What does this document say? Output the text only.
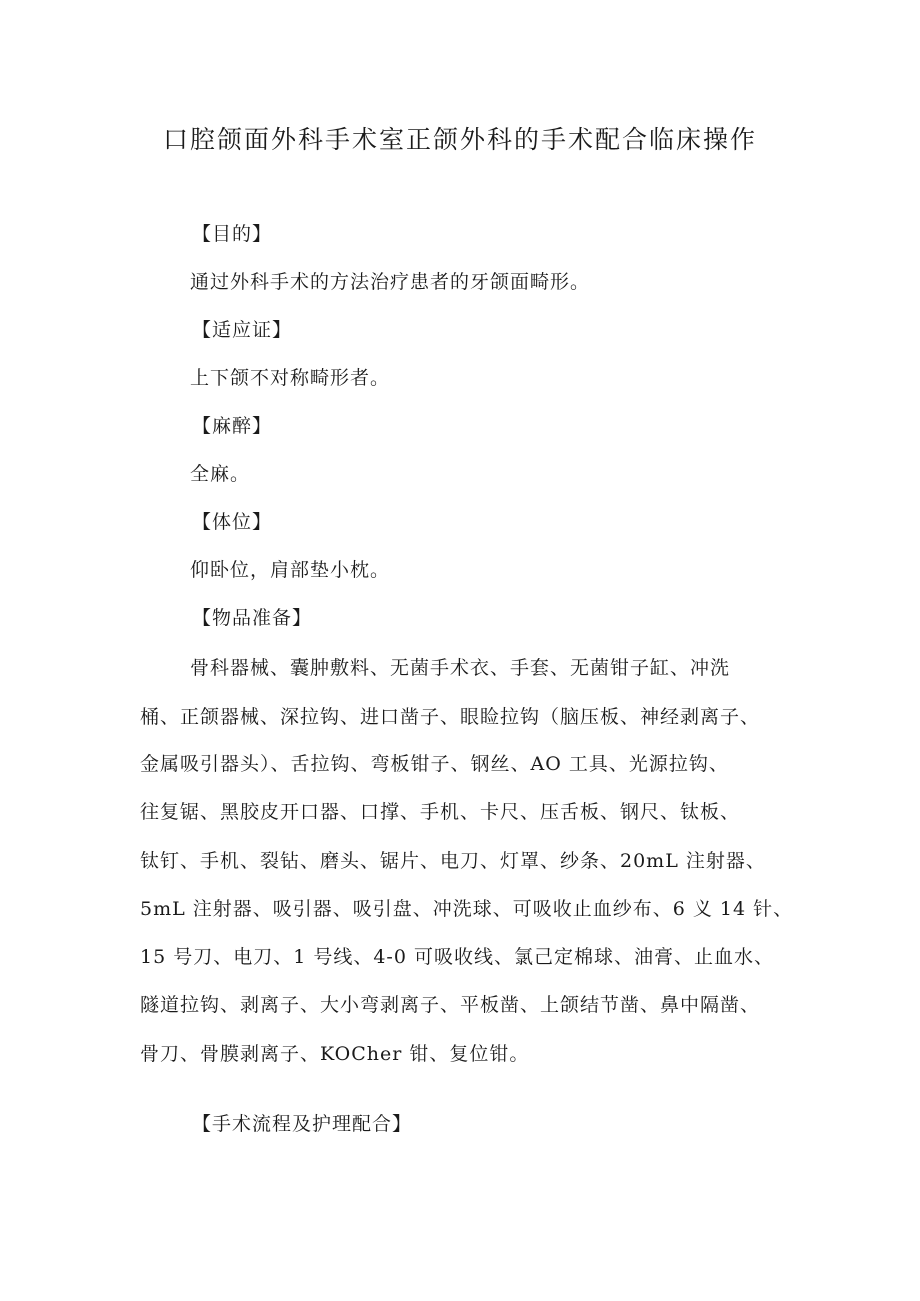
口腔颌面外科手术室正颌外科的手术配合临床操作
【目的】
通过外科手术的方法治疗患者的牙颌面畸形。
【适应证】
上下颌不对称畸形者。
【麻醉】
全麻。
【体位】
仰卧位，肩部垫小枕。
【物品准备】
骨科器械、囊肿敷料、无菌手术衣、手套、无菌钳子缸、冲洗
桶、正颌器械、深拉钩、进口凿子、眼睑拉钩（脑压板、神经剥离子、
金属吸引器头）、舌拉钩、弯板钳子、钢丝、AO 工具、光源拉钩、
往复锯、黑胶皮开口器、口撑、手机、卡尺、压舌板、钢尺、钛板、
钛钉、手机、裂钻、磨头、锯片、电刀、灯罩、纱条、20mL 注射器、
5mL 注射器、吸引器、吸引盘、冲洗球、可吸收止血纱布、6 义 14 针、
15 号刀、电刀、1 号线、4-0 可吸收线、氯己定棉球、油膏、止血水、
隧道拉钩、剥离子、大小弯剥离子、平板凿、上颌结节凿、鼻中隔凿、
骨刀、骨膜剥离子、KOCher 钳、复位钳。
【手术流程及护理配合】
